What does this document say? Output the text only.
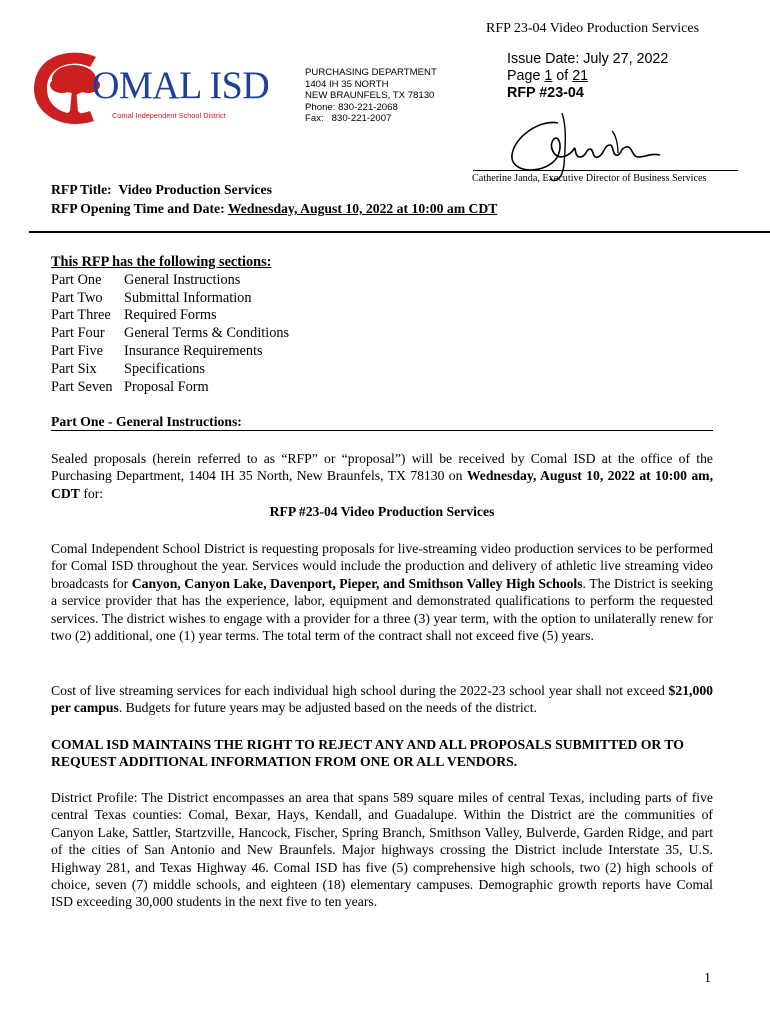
RFP 23-04 Video Production Services
OMAL ISD
Comal Independent School District
PURCHASING DEPARTMENT
1404 IH 35 NORTH
NEW BRAUNFELS, TX 78130
Phone: 830-221-2068
Fax:   830-221-2007
Issue Date: July 27, 2022
Page 1 of 21
RFP #23-04
Catherine Janda, Executive Director of Business Services
RFP Title:  Video Production Services
RFP Opening Time and Date: Wednesday, August 10, 2022 at 10:00 am CDT
This RFP has the following sections:
Part One	General Instructions
Part Two	Submittal Information
Part Three Required Forms
Part Four	General Terms & Conditions
Part Five	Insurance Requirements
Part Six	Specifications
Part Seven Proposal Form
Part One - General Instructions:
Sealed proposals (herein referred to as “RFP” or “proposal”) will be received by Comal ISD at the office of the Purchasing Department, 1404 IH 35 North, New Braunfels, TX 78130 on Wednesday, August 10, 2022 at 10:00 am, CDT for:
RFP #23-04 Video Production Services
Comal Independent School District is requesting proposals for live-streaming video production services to be performed for Comal ISD throughout the year. Services would include the production and delivery of athletic live streaming video broadcasts for Canyon, Canyon Lake, Davenport, Pieper, and Smithson Valley High Schools. The District is seeking a service provider that has the experience, labor, equipment and demonstrated qualifications to perform the requested services. The district wishes to engage with a provider for a three (3) year term, with the option to unilaterally renew for two (2) additional, one (1) year terms. The total term of the contract shall not exceed five (5) years.
Cost of live streaming services for each individual high school during the 2022-23 school year shall not exceed $21,000 per campus. Budgets for future years may be adjusted based on the needs of the district.
COMAL ISD MAINTAINS THE RIGHT TO REJECT ANY AND ALL PROPOSALS SUBMITTED OR TO REQUEST ADDITIONAL INFORMATION FROM ONE OR ALL VENDORS.
District Profile: The District encompasses an area that spans 589 square miles of central Texas, including parts of five central Texas counties: Comal, Bexar, Hays, Kendall, and Guadalupe. Within the District are the communities of Canyon Lake, Sattler, Startzville, Hancock, Fischer, Spring Branch, Smithson Valley, Bulverde, Garden Ridge, and part of the cities of San Antonio and New Braunfels. Major highways crossing the District include Interstate 35, U.S. Highway 281, and Texas Highway 46. Comal ISD has five (5) comprehensive high schools, two (2) high schools of choice, seven (7) middle schools, and eighteen (18) elementary campuses. Demographic growth reports have Comal ISD exceeding 30,000 students in the next five to ten years.
1
